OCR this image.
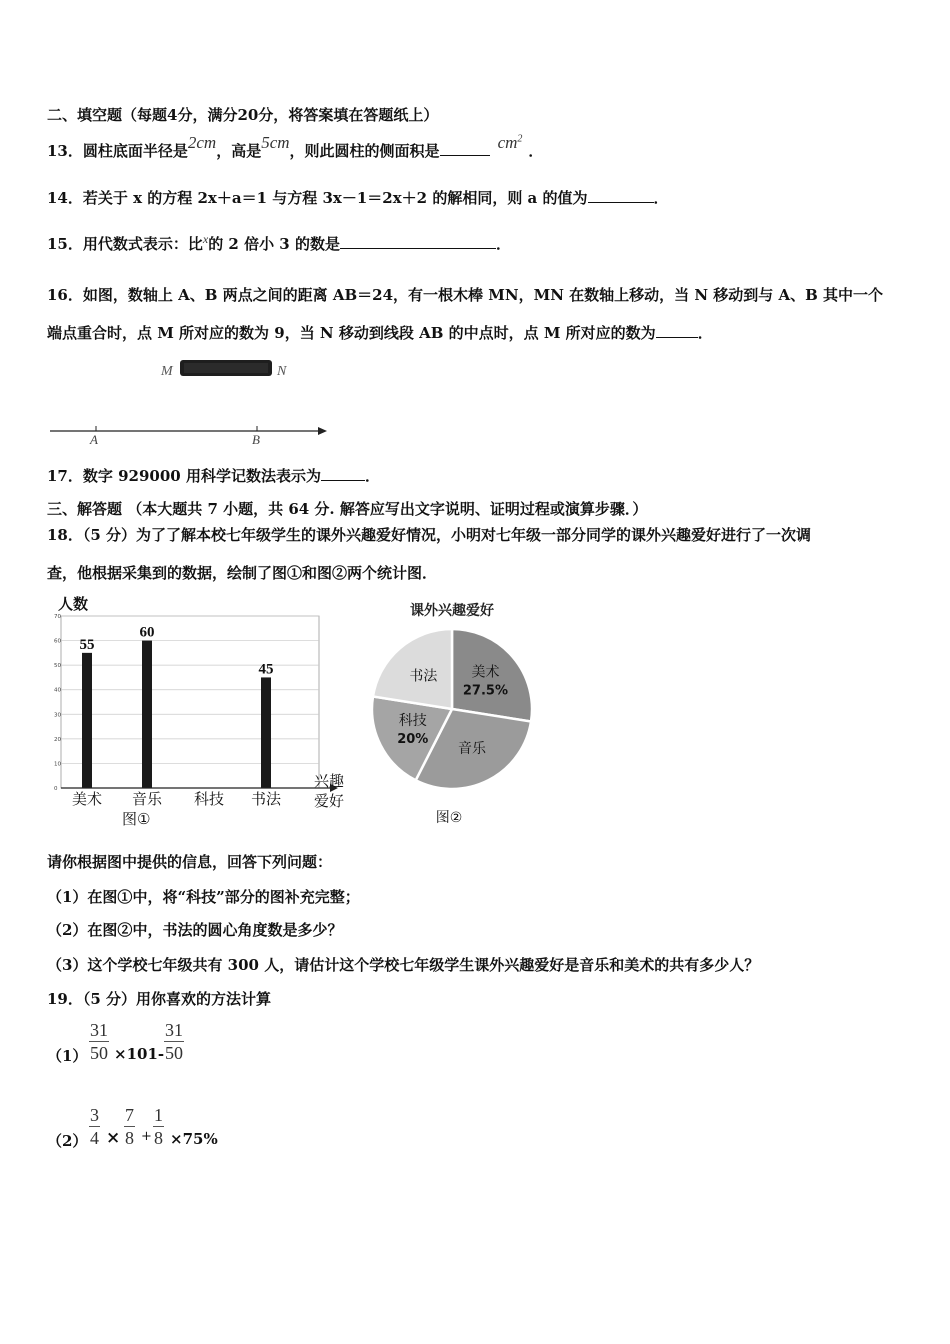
二、填空题（每题4分，满分20分，将答案填在答题纸上）
13．圆柱底面半径是2cm，高是5cm，则此圆柱的侧面积是	$cm^2$．
14．若关于 x 的方程 2x＋a＝1 与方程 3x－1＝2x＋2 的解相同，则 a 的值为	．
15．用代数式表示：比$^x$的 2 倍小 3 的数是	．
16．如图，数轴上 A、B 两点之间的距离 AB＝24，有一根木棒 MN，MN 在数轴上移动，当 N 移动到与 A、B 其中一个
端点重合时，点 M 所对应的数为 9，当 N 移动到线段 AB 的中点时，点 M 所对应的数为	．
M	N
A	B
17．数字 929000 用科学记数法表示为	．
三、解答题 （本大题共 7 小题，共 64 分. 解答应写出文字说明、证明过程或演算步骤．）
18．（5 分）为了了解本校七年级学生的课外兴趣爱好情况，小明对七年级一部分同学的课外兴趣爱好进行了一次调
查，他根据采集到的数据，绘制了图①和图②两个统计图．
人数
0
10
20
30
40
50
60
70
55
60
45
美术 音乐 科技 书法
兴趣
爱好
图①
课外兴趣爱好
美术
27.5%
音乐
科技
20%
书法
图②
请你根据图中提供的信息，回答下列问题：
（1）在图①中，将“科技”部分的图补充完整；
（2）在图②中，书法的圆心角度数是多少？
（3）这个学校七年级共有 300 人，请估计这个学校七年级学生课外兴趣爱好是音乐和美术的共有多少人？
19．（5 分）用你喜欢的方法计算
$(1) \frac{31}{50} \times 101- \frac{31}{50}$
$(2) \frac{3}{4} \times \frac{7}{8} + \frac{1}{8} \times 75\%$
